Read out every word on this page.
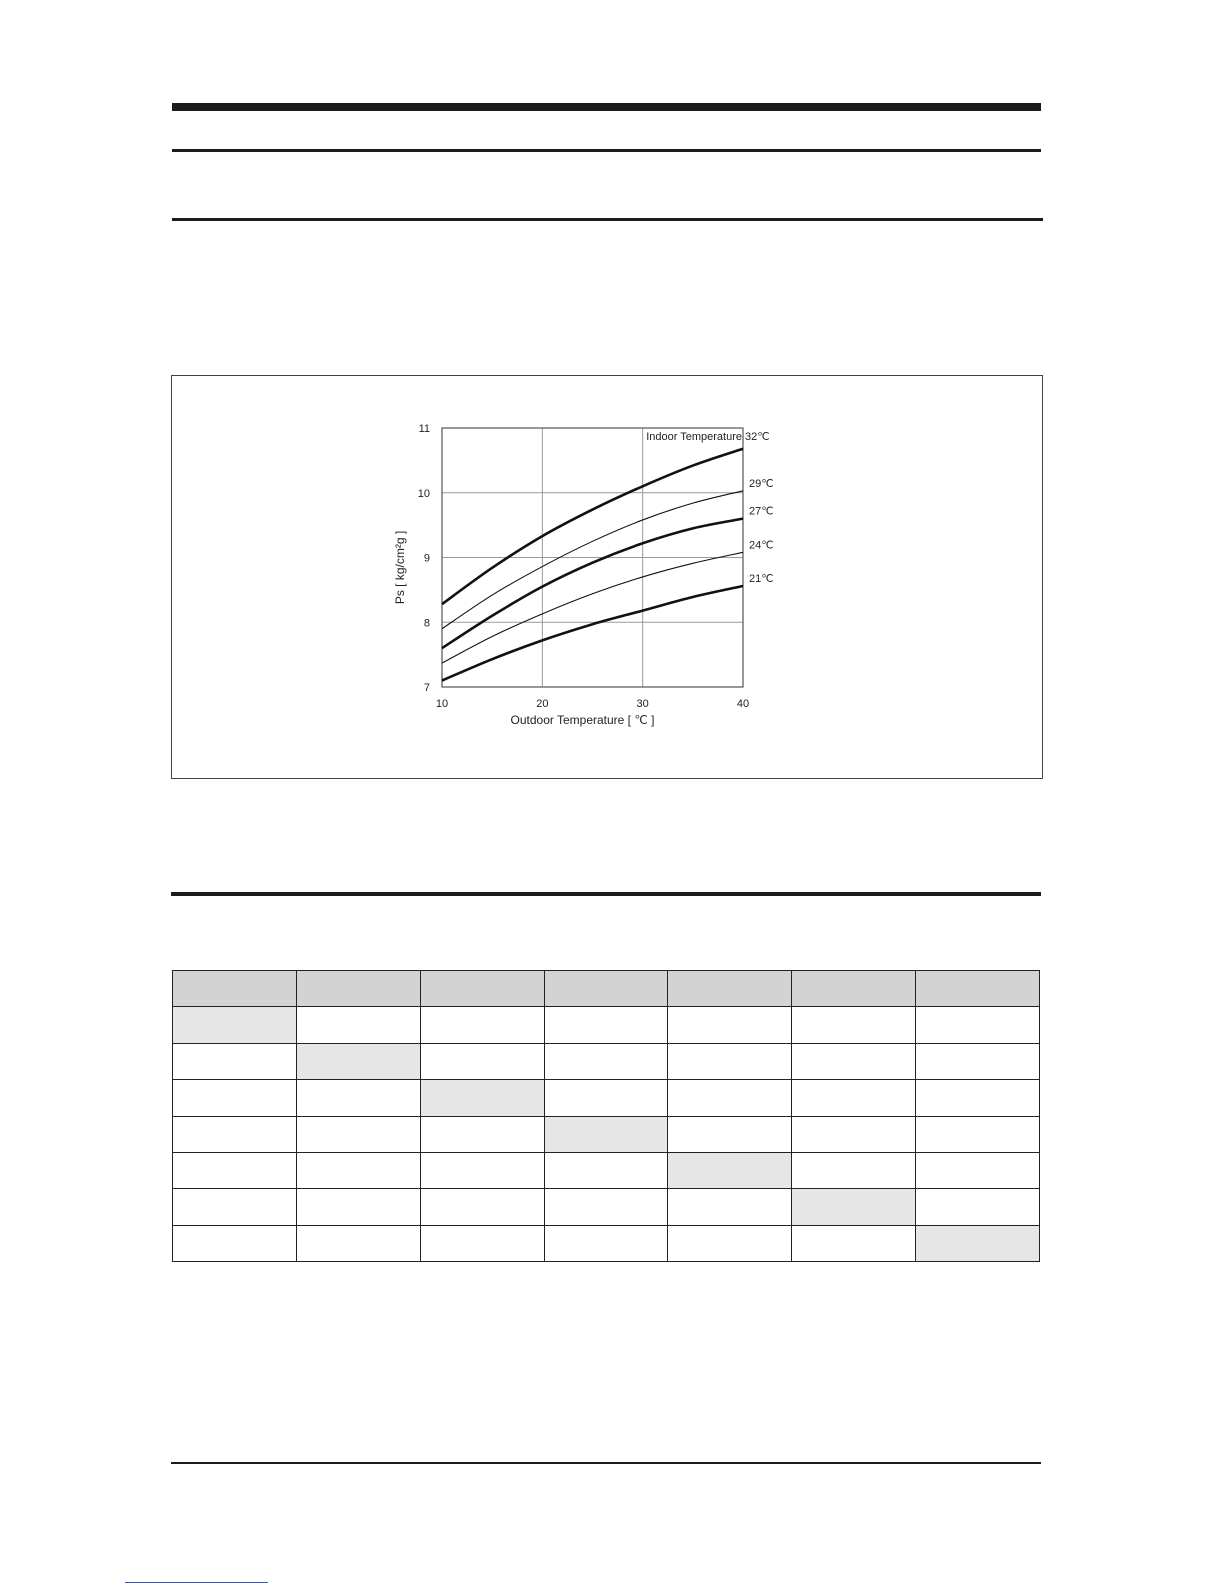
10	20	30	40
7
8
9
10
11
Outdoor Temperature [ ℃ ]
Ps [ kg/cm²g ]
32℃
29℃
27℃
24℃
21℃
Indoor Temperature
